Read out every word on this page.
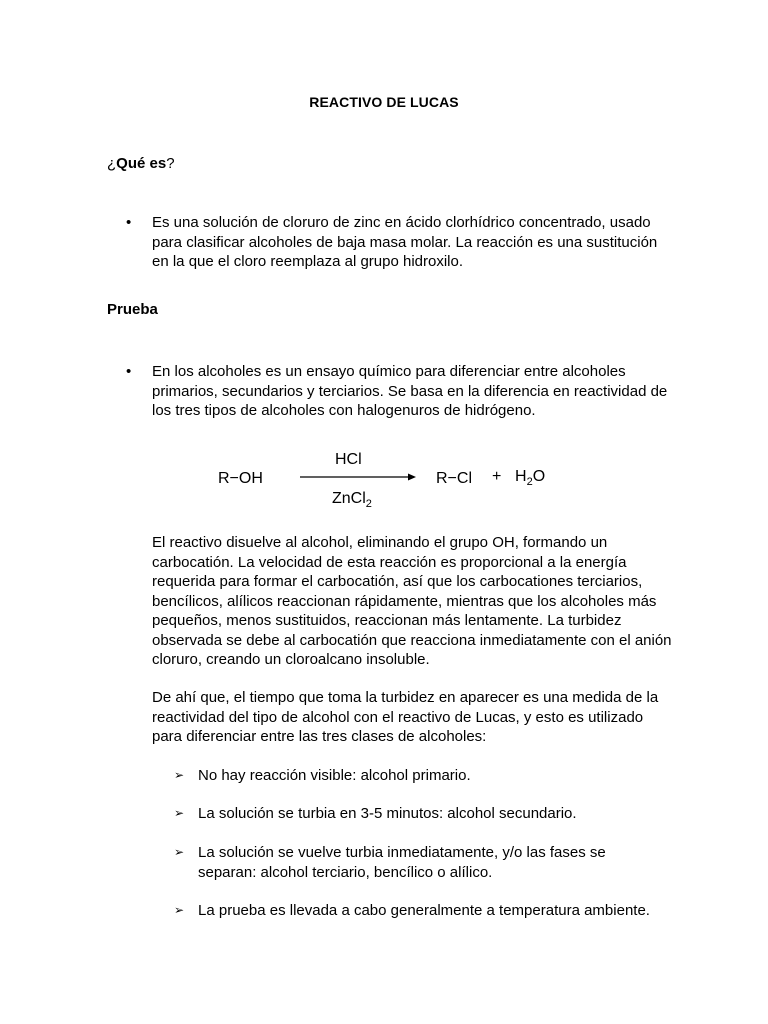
REACTIVO DE LUCAS
¿Qué es?
• Es una solución de cloruro de zinc en ácido clorhídrico concentrado, usado para clasificar alcoholes de baja masa molar. La reacción es una sustitución en la que el cloro reemplaza al grupo hidroxilo.
Prueba
• En los alcoholes es un ensayo químico para diferenciar entre alcoholes primarios, secundarios y terciarios. Se basa en la diferencia en reactividad de los tres tipos de alcoholes con halogenuros de hidrógeno.
R−OH
HCl
ZnCl$_2$
$R-Cl + H_2O$
El reactivo disuelve al alcohol, eliminando el grupo OH, formando un carbocatión. La velocidad de esta reacción es proporcional a la energía requerida para formar el carbocatión, así que los carbocationes terciarios, bencílicos, alílicos reaccionan rápidamente, mientras que los alcoholes más pequeños, menos sustituidos, reaccionan más lentamente. La turbidez observada se debe al carbocatión que reacciona inmediatamente con el anión cloruro, creando un cloroalcano insoluble.
De ahí que, el tiempo que toma la turbidez en aparecer es una medida de la reactividad del tipo de alcohol con el reactivo de Lucas, y esto es utilizado para diferenciar entre las tres clases de alcoholes:
➢ No hay reacción visible: alcohol primario.
➢ La solución se turbia en 3-5 minutos: alcohol secundario.
➢ La solución se vuelve turbia inmediatamente, y/o las fases se separan: alcohol terciario, bencílico o alílico.
➢ La prueba es llevada a cabo generalmente a temperatura ambiente.
